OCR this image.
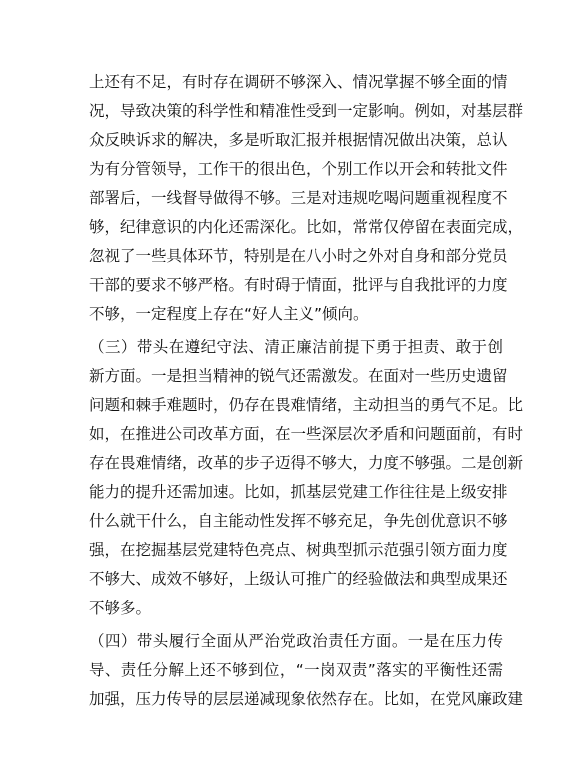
上还有不足，有时存在调研不够深入、情况掌握不够全面的情
况，导致决策的科学性和精准性受到一定影响。例如，对基层群
众反映诉求的解决，多是听取汇报并根据情况做出决策，总认
为有分管领导，工作干的很出色，个别工作以开会和转批文件
部署后，一线督导做得不够。三是对违规吃喝问题重视程度不
够，纪律意识的内化还需深化。比如，常常仅停留在表面完成，
忽视了一些具体环节，特别是在八小时之外对自身和部分党员
干部的要求不够严格。有时碍于情面，批评与自我批评的力度
不够，一定程度上存在“好人主义”倾向。
（三）带头在遵纪守法、清正廉洁前提下勇于担责、敢于创
新方面。一是担当精神的锐气还需激发。在面对一些历史遗留
问题和棘手难题时，仍存在畏难情绪，主动担当的勇气不足。比
如，在推进公司改革方面，在一些深层次矛盾和问题面前，有时
存在畏难情绪，改革的步子迈得不够大，力度不够强。二是创新
能力的提升还需加速。比如，抓基层党建工作往往是上级安排
什么就干什么，自主能动性发挥不够充足，争先创优意识不够
强，在挖掘基层党建特色亮点、树典型抓示范强引领方面力度
不够大、成效不够好，上级认可推广的经验做法和典型成果还
不够多。
（四）带头履行全面从严治党政治责任方面。一是在压力传
导、责任分解上还不够到位，“一岗双责”落实的平衡性还需
加强，压力传导的层层递减现象依然存在。比如，在党风廉政建
